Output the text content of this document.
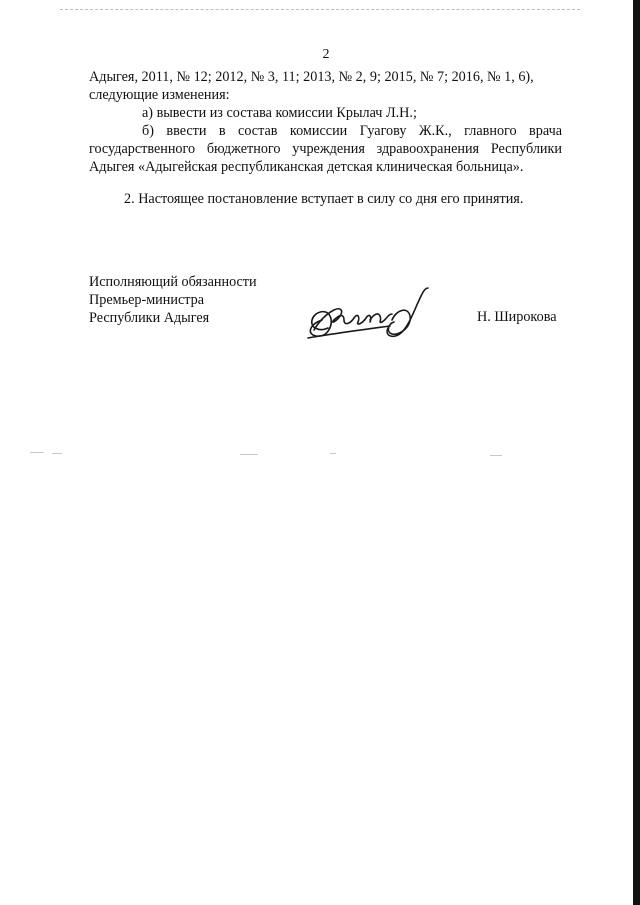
2
Адыгея, 2011, № 12; 2012, № 3, 11; 2013, № 2, 9; 2015, № 7; 2016, № 1, 6),
следующие изменения:
а) вывести из состава комиссии Крылач Л.Н.;
б) ввести в состав комиссии Гуагову Ж.К., главного врача
государственного бюджетного учреждения здравоохранения Республики
Адыгея «Адыгейская республиканская детская клиническая больница».
2. Настоящее постановление вступает в силу со дня его принятия.
Исполняющий обязанности
Премьер-министра
Республики Адыгея	Н. Широкова
